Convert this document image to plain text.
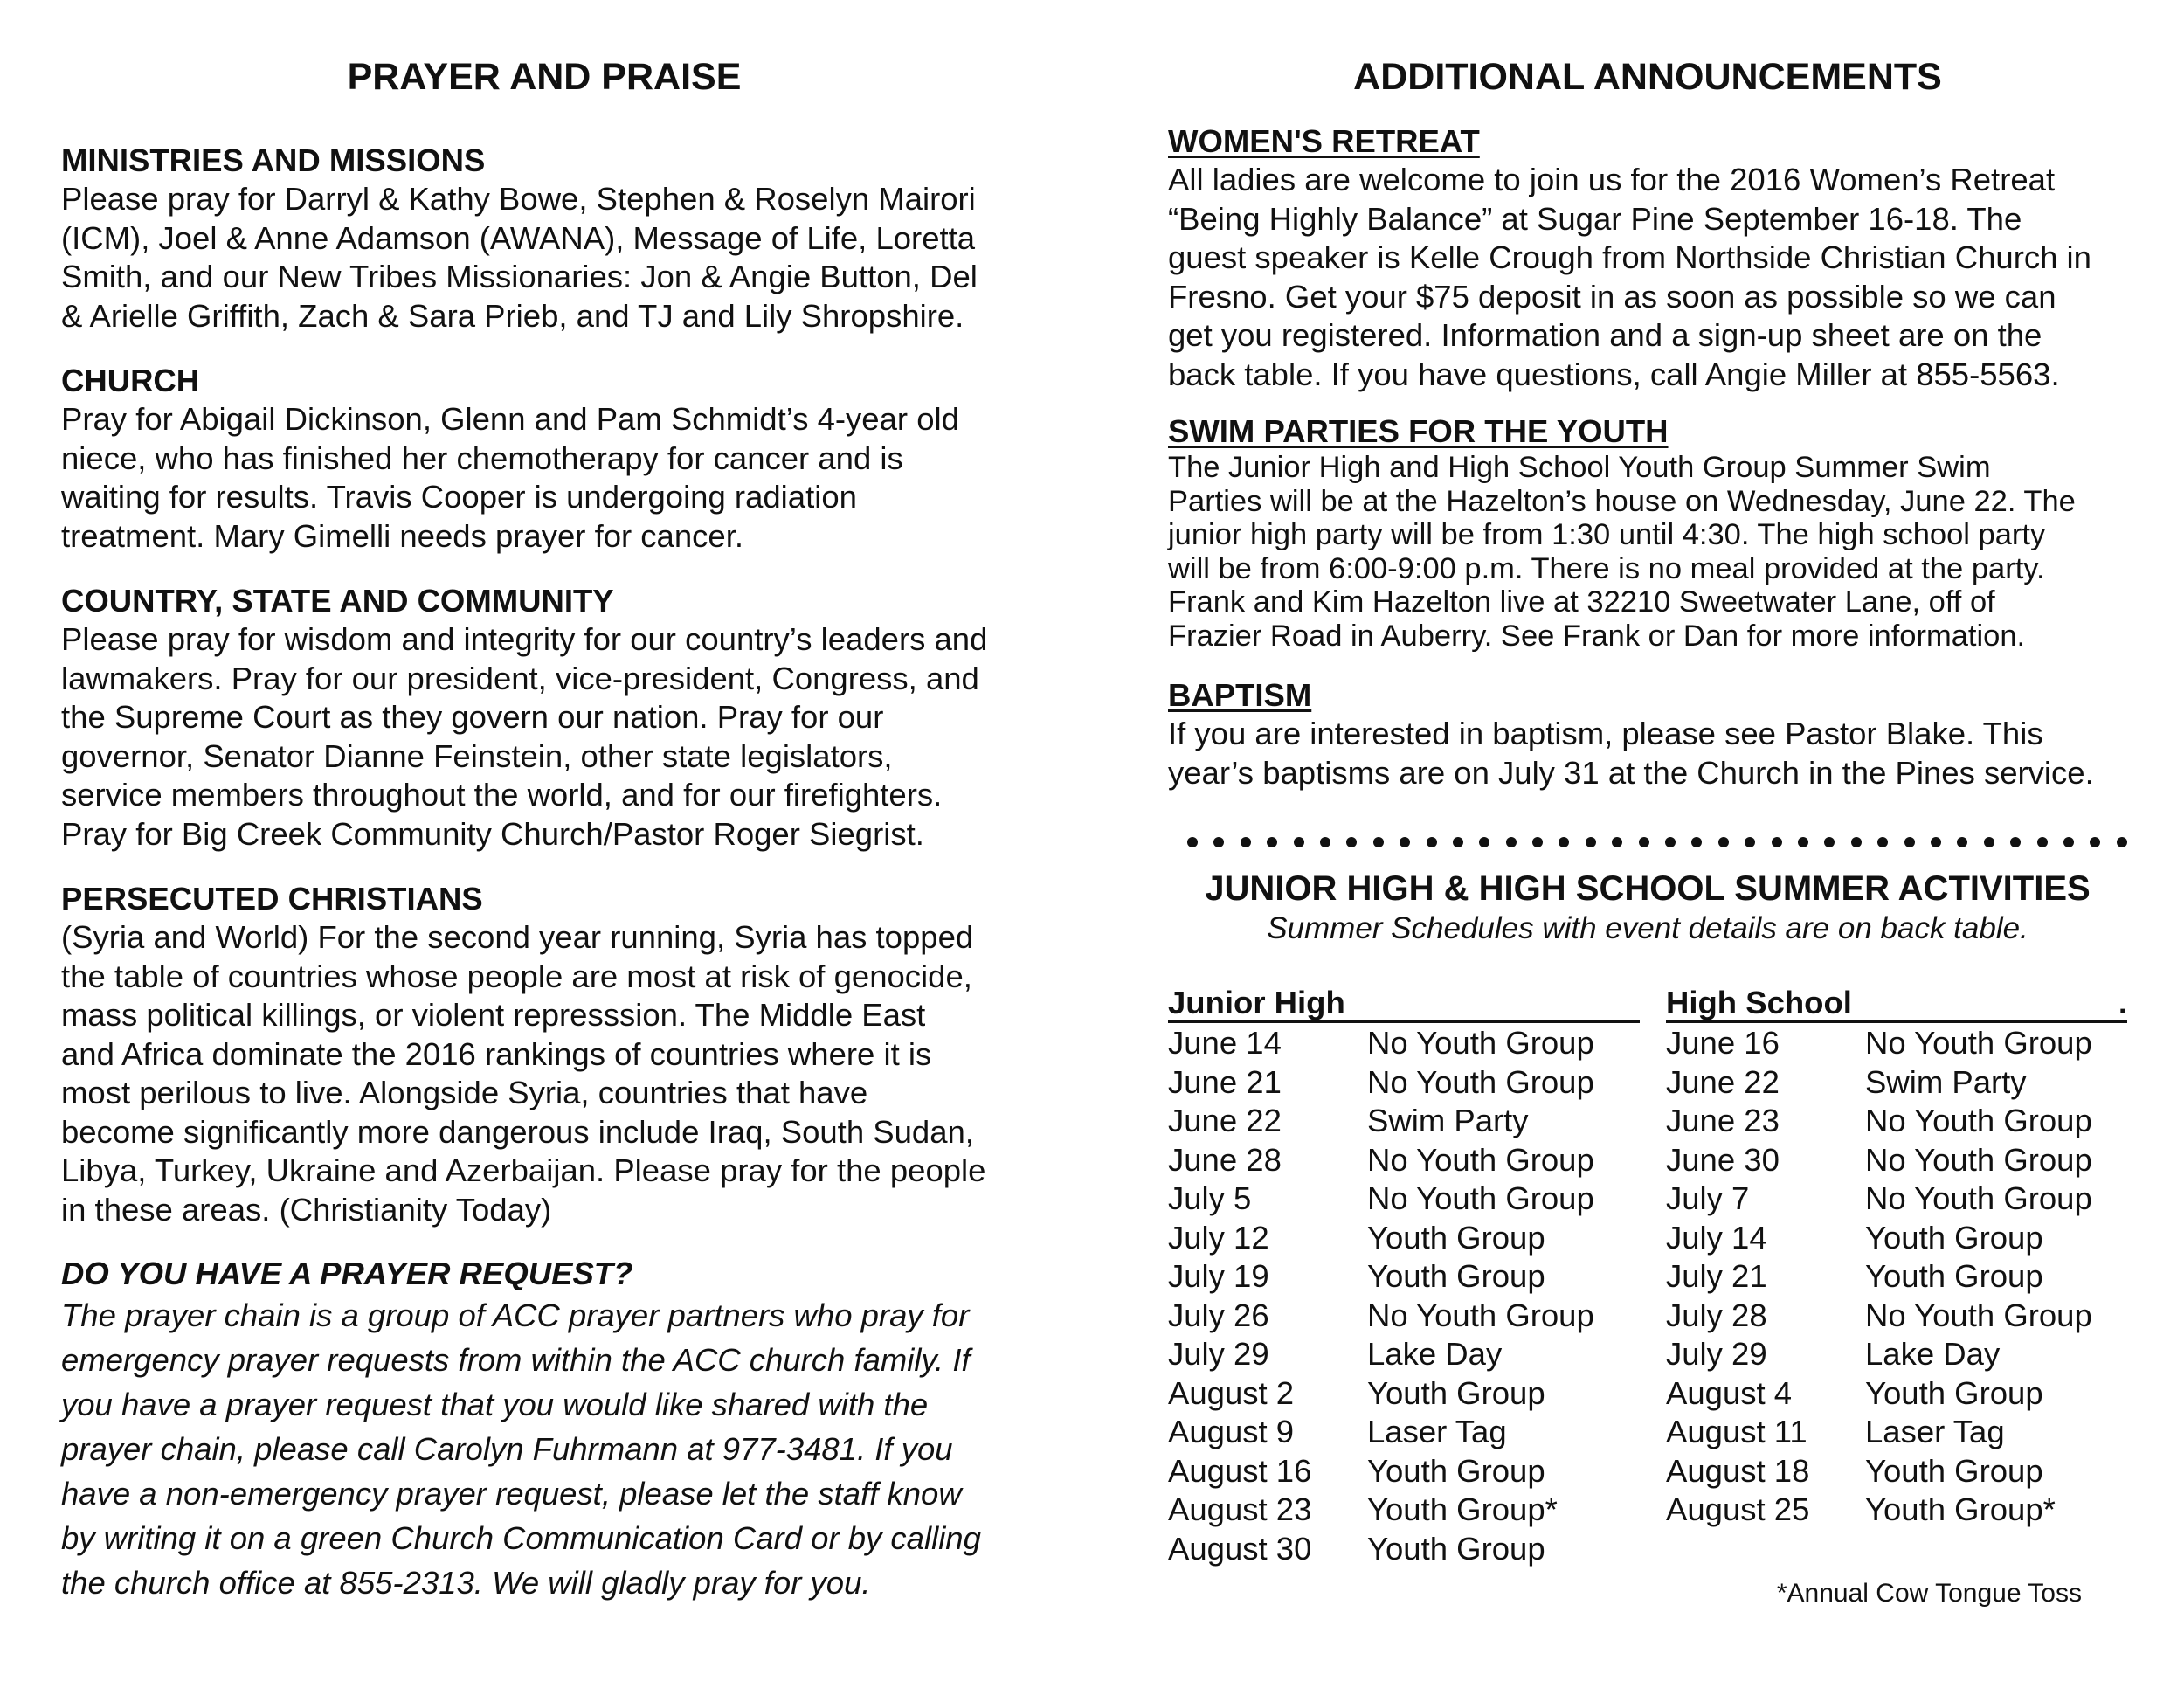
PRAYER AND PRAISE
MINISTRIES AND MISSIONS
Please pray for Darryl & Kathy Bowe, Stephen & Roselyn Mairori
(ICM), Joel & Anne Adamson (AWANA), Message of Life, Loretta
Smith, and our New Tribes Missionaries: Jon & Angie Button, Del
& Arielle Griffith, Zach & Sara Prieb, and TJ and Lily Shropshire.
CHURCH
Pray for Abigail Dickinson, Glenn and Pam Schmidt’s 4-year old
niece, who has finished her chemotherapy for cancer and is
waiting for results. Travis Cooper is undergoing radiation
treatment. Mary Gimelli needs prayer for cancer.
COUNTRY, STATE AND COMMUNITY
Please pray for wisdom and integrity for our country’s leaders and
lawmakers. Pray for our president, vice-president, Congress, and
the Supreme Court as they govern our nation. Pray for our
governor, Senator Dianne Feinstein, other state legislators,
service members throughout the world, and for our firefighters.
Pray for Big Creek Community Church/Pastor Roger Siegrist.
PERSECUTED CHRISTIANS
(Syria and World) For the second year running, Syria has topped
the table of countries whose people are most at risk of genocide,
mass political killings, or violent represssion. The Middle East
and Africa dominate the 2016 rankings of countries where it is
most perilous to live. Alongside Syria, countries that have
become significantly more dangerous include Iraq, South Sudan,
Libya, Turkey, Ukraine and Azerbaijan. Please pray for the people
in these areas. (Christianity Today)
DO YOU HAVE A PRAYER REQUEST?
The prayer chain is a group of ACC prayer partners who pray for
emergency prayer requests from within the ACC church family. If
you have a prayer request that you would like shared with the
prayer chain, please call Carolyn Fuhrmann at 977-3481. If you
have a non-emergency prayer request, please let the staff know
by writing it on a green Church Communication Card or by calling
the church office at 855-2313. We will gladly pray for you.
ADDITIONAL ANNOUNCEMENTS
WOMEN'S RETREAT
All ladies are welcome to join us for the 2016 Women’s Retreat
“Being Highly Balance” at Sugar Pine September 16-18. The
guest speaker is Kelle Crough from Northside Christian Church in
Fresno. Get your $75 deposit in as soon as possible so we can
get you registered. Information and a sign-up sheet are on the
back table. If you have questions, call Angie Miller at 855-5563.
SWIM PARTIES FOR THE YOUTH
The Junior High and High School Youth Group Summer Swim
Parties will be at the Hazelton’s house on Wednesday, June 22. The
junior high party will be from 1:30 until 4:30. The high school party
will be from 6:00-9:00 p.m. There is no meal provided at the party.
Frank and Kim Hazelton live at 32210 Sweetwater Lane, off of
Frazier Road in Auberry. See Frank or Dan for more information.
BAPTISM
If you are interested in baptism, please see Pastor Blake. This
year’s baptisms are on July 31 at the Church in the Pines service.
JUNIOR HIGH & HIGH SCHOOL SUMMER ACTIVITIES

Summer Schedules with event details are on back table.

Junior High	High School	.
June 14	No Youth Group June 16	No Youth Group
June 21	No Youth Group June 22	Swim Party
June 22	Swim Party	June 23	No Youth Group
June 28	No Youth Group June 30	No Youth Group
July 5	No Youth Group July 7	No Youth Group
July 12	Youth Group	July 14	Youth Group
July 19	Youth Group	July 21	Youth Group
July 26	No Youth Group July 28	No Youth Group
July 29	Lake Day	July 29	Lake Day
August 2 Youth Group	August 4 Youth Group
August 9 Laser Tag	August 11 Laser Tag
August 16 Youth Group	August 18 Youth Group
August 23 Youth Group*	August 25 Youth Group*
August 30 Youth Group
*Annual Cow Tongue Toss
